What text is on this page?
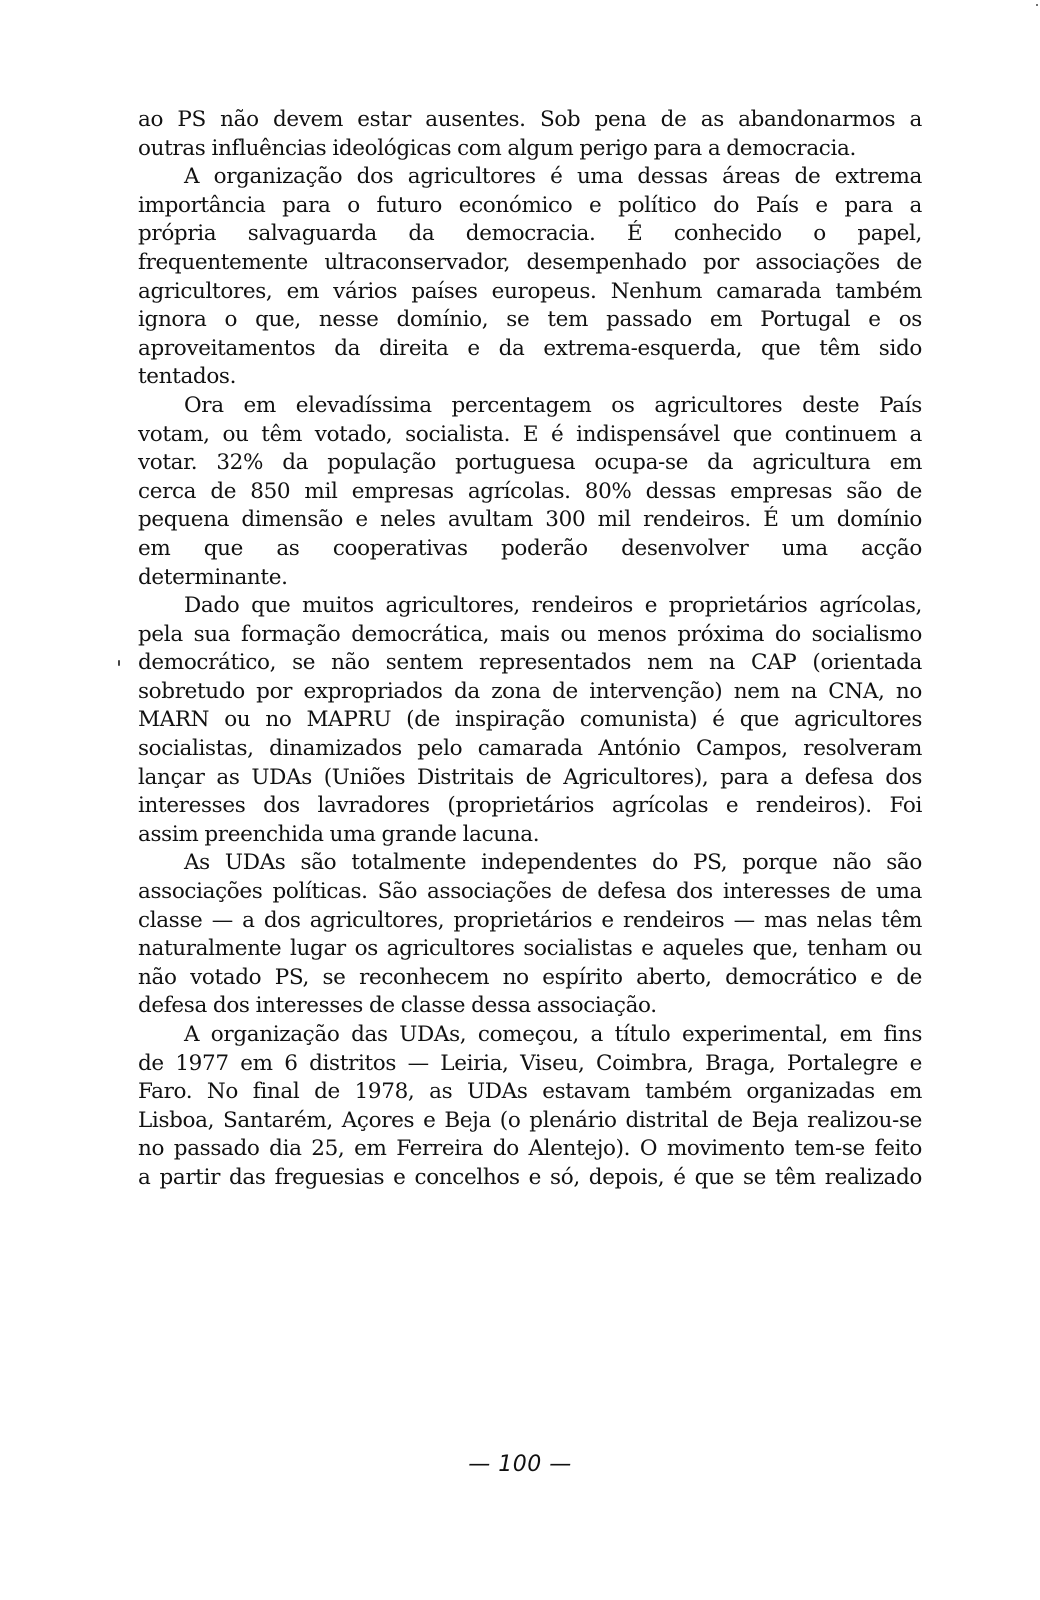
ao PS não devem estar ausentes. Sob pena de as abandonarmos a
outras influências ideológicas com algum perigo para a democracia.
A organização dos agricultores é uma dessas áreas de extrema
importância para o futuro económico e político do País e para a
própria salvaguarda da democracia. É conhecido o papel,
frequentemente ultraconservador, desempenhado por associações de
agricultores, em vários países europeus. Nenhum camarada também
ignora o que, nesse domínio, se tem passado em Portugal e os
aproveitamentos da direita e da extrema-esquerda, que têm sido
tentados.
Ora em elevadíssima percentagem os agricultores deste País
votam, ou têm votado, socialista. E é indispensável que continuem a
votar. 32% da população portuguesa ocupa-se da agricultura em
cerca de 850 mil empresas agrícolas. 80% dessas empresas são de
pequena dimensão e neles avultam 300 mil rendeiros. É um domínio
em que as cooperativas poderão desenvolver uma acção
determinante.
Dado que muitos agricultores, rendeiros e proprietários agrícolas,
pela sua formação democrática, mais ou menos próxima do socialismo
democrático, se não sentem representados nem na CAP (orientada
sobretudo por expropriados da zona de intervenção) nem na CNA, no
MARN ou no MAPRU (de inspiração comunista) é que agricultores
socialistas, dinamizados pelo camarada António Campos, resolveram
lançar as UDAs (Uniões Distritais de Agricultores), para a defesa dos
interesses dos lavradores (proprietários agrícolas e rendeiros). Foi
assim preenchida uma grande lacuna.
As UDAs são totalmente independentes do PS, porque não são
associações políticas. São associações de defesa dos interesses de uma
classe — a dos agricultores, proprietários e rendeiros — mas nelas têm
naturalmente lugar os agricultores socialistas e aqueles que, tenham ou
não votado PS, se reconhecem no espírito aberto, democrático e de
defesa dos interesses de classe dessa associação.
A organização das UDAs, começou, a título experimental, em fins
de 1977 em 6 distritos — Leiria, Viseu, Coimbra, Braga, Portalegre e
Faro. No final de 1978, as UDAs estavam também organizadas em
Lisboa, Santarém, Açores e Beja (o plenário distrital de Beja realizou-se
no passado dia 25, em Ferreira do Alentejo). O movimento tem-se feito
a partir das freguesias e concelhos e só, depois, é que se têm realizado
— 100 —
